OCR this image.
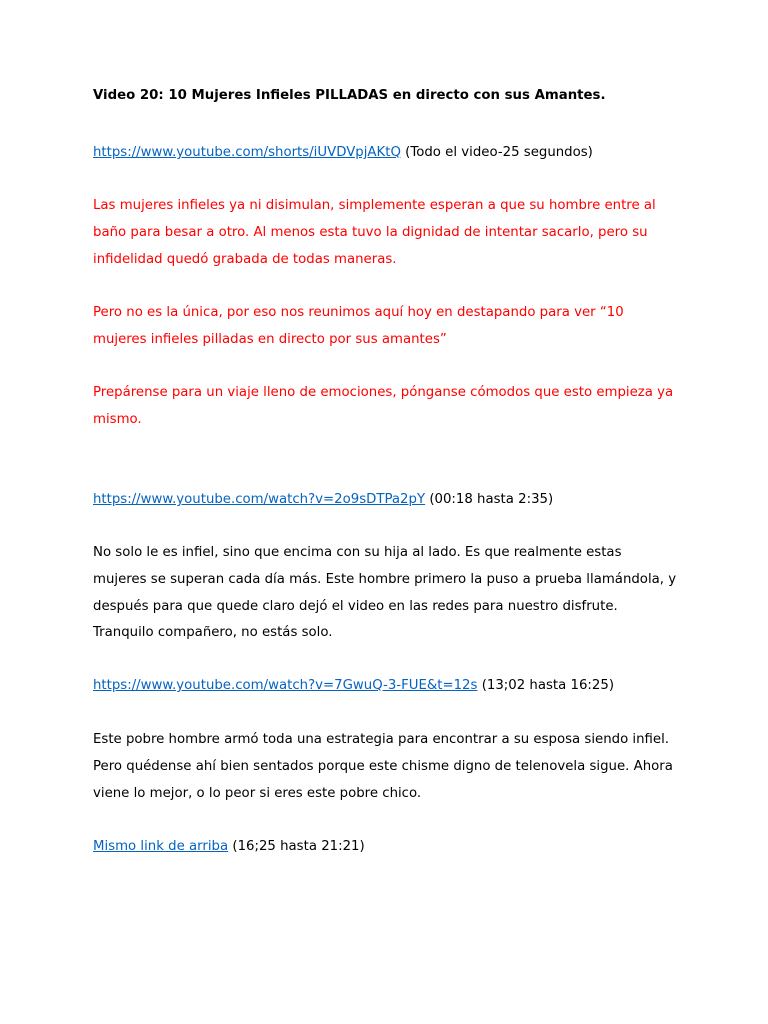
Video 20: 10 Mujeres Infieles PILLADAS en directo con sus Amantes.

https://www.youtube.com/shorts/iUVDVpjAKtQ (Todo el video-25 segundos)

Las mujeres infieles ya ni disimulan, simplemente esperan a que su hombre entre al baño para besar a otro. Al menos esta tuvo la dignidad de intentar sacarlo, pero su infidelidad quedó grabada de todas maneras.

Pero no es la única, por eso nos reunimos aquí hoy en destapando para ver “10 mujeres infieles pilladas en directo por sus amantes”

Prepárense para un viaje lleno de emociones, pónganse cómodos que esto empieza ya mismo.

https://www.youtube.com/watch?v=2o9sDTPa2pY (00:18 hasta 2:35)

No solo le es infiel, sino que encima con su hija al lado. Es que realmente estas mujeres se superan cada día más. Este hombre primero la puso a prueba llamándola, y después para que quede claro dejó el video en las redes para nuestro disfrute. Tranquilo compañero, no estás solo.

https://www.youtube.com/watch?v=7GwuQ-3-FUE&t=12s (13;02 hasta 16:25)

Este pobre hombre armó toda una estrategia para encontrar a su esposa siendo infiel. Pero quédense ahí bien sentados porque este chisme digno de telenovela sigue. Ahora viene lo mejor, o lo peor si eres este pobre chico.

Mismo link de arriba (16;25 hasta 21:21)
